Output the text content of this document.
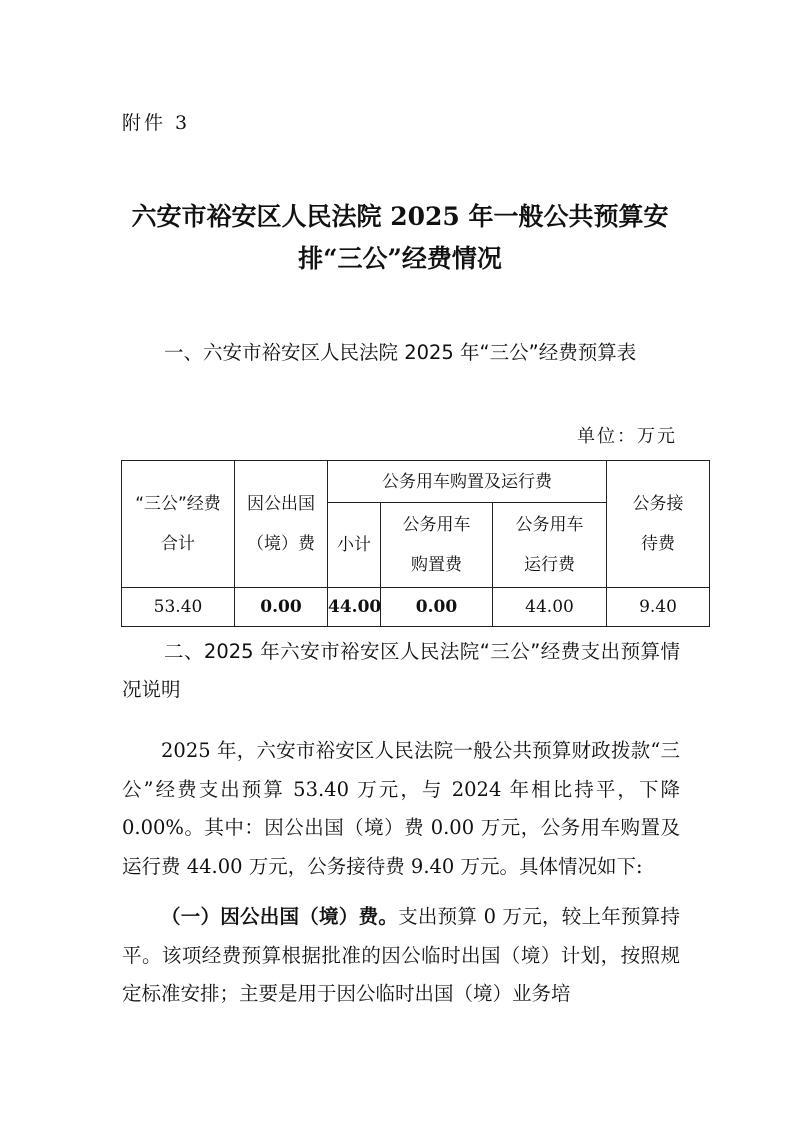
附件 3
六安市裕安区人民法院 2025 年一般公共预算安排“三公”经费情况
一、六安市裕安区人民法院 2025 年“三公”经费预算表
单位：万元
“三公”经费合计	因公出国（境）费	公务用车购置及运行费			公务接待费

		小计	公务用车购置费	公务用车运行费	

53.40	0.00	44.00	0.00	44.00	9.40
二、2025 年六安市裕安区人民法院“三公”经费支出预算情况说明
2025 年，六安市裕安区人民法院一般公共预算财政拨款“三公”经费支出预算 53.40 万元，与 2024 年相比持平，下降 0.00%。其中：因公出国（境）费 0.00 万元，公务用车购置及运行费 44.00 万元，公务接待费 9.40 万元。具体情况如下:
（一）因公出国（境）费。支出预算 0 万元，较上年预算持平。该项经费预算根据批准的因公临时出国（境）计划，按照规定标准安排；主要是用于因公临时出国（境）业务培
